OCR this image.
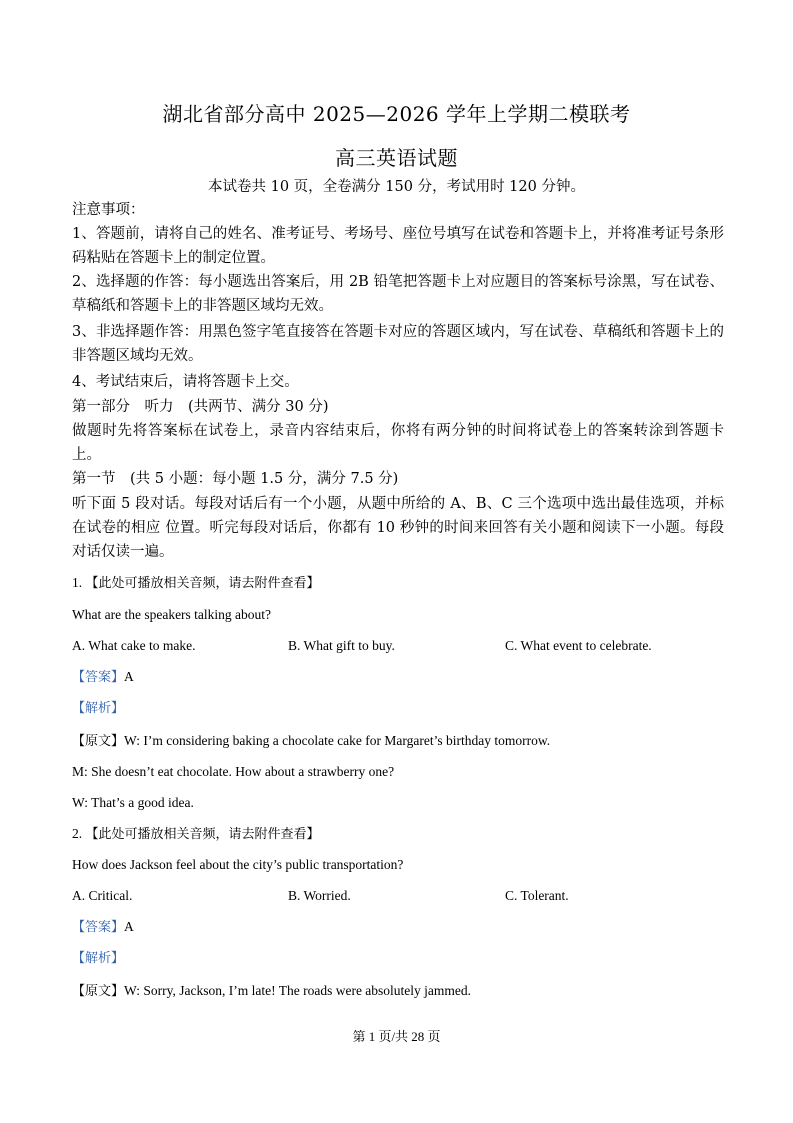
湖北省部分高中 2025—2026 学年上学期二模联考
高三英语试题
本试卷共 10 页，全卷满分 150 分，考试用时 120 分钟。
注意事项：
1、答题前，请将自己的姓名、准考证号、考场号、座位号填写在试卷和答题卡上，并将准考证号条形码粘贴在答题卡上的制定位置。
2、选择题的作答：每小题选出答案后，用 2B 铅笔把答题卡上对应题目的答案标号涂黑，写在试卷、草稿纸和答题卡上的非答题区域均无效。
3、非选择题作答：用黑色签字笔直接答在答题卡对应的答题区域内，写在试卷、草稿纸和答题卡上的非答题区域均无效。
4、考试结束后，请将答题卡上交。
第一部分　听力　(共两节、满分 30 分)
做题时先将答案标在试卷上，录音内容结束后，你将有两分钟的时间将试卷上的答案转涂到答题卡上。
第一节　(共 5 小题：每小题 1.5 分，满分 7.5 分)
听下面 5 段对话。每段对话后有一个小题，从题中所给的 A、B、C 三个选项中选出最佳选项，并标在试卷的相应 位置。听完每段对话后，你都有 10 秒钟的时间来回答有关小题和阅读下一小题。每段对话仅读一遍。
1. 【此处可播放相关音频，请去附件查看】
What are the speakers talking about?
A. What cake to make.	B. What gift to buy.	C. What event to celebrate.
【答案】A
【解析】
【原文】W: I’m considering baking a chocolate cake for Margaret’s birthday tomorrow.
M: She doesn’t eat chocolate. How about a strawberry one?
W: That’s a good idea.
2. 【此处可播放相关音频，请去附件查看】
How does Jackson feel about the city’s public transportation?
A. Critical.	B. Worried.	C. Tolerant.
【答案】A
【解析】
【原文】W: Sorry, Jackson, I’m late! The roads were absolutely jammed.
第 1 页/共 28 页
